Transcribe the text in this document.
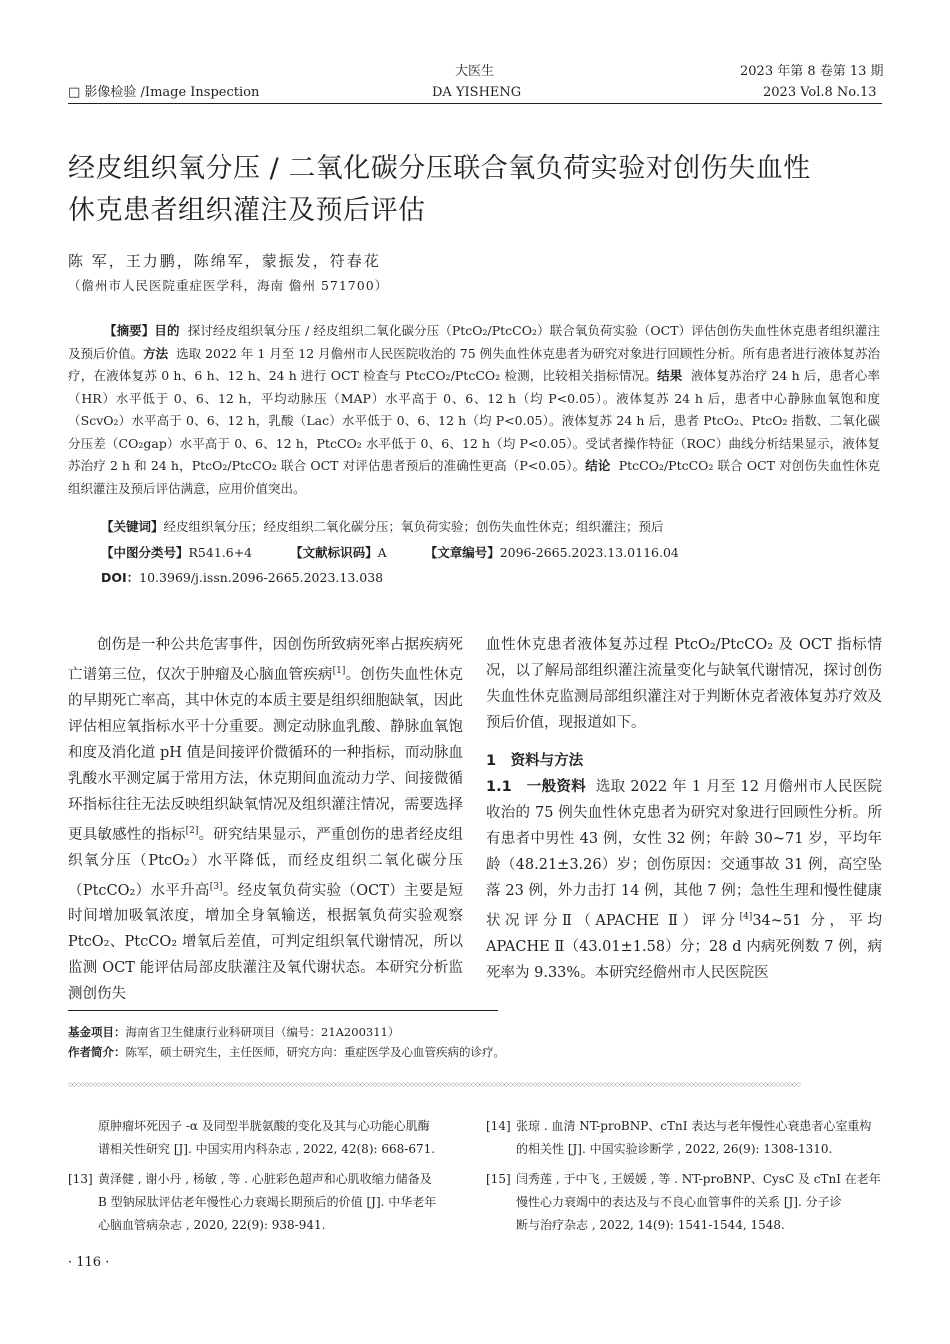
□ 影像检验 /Image Inspection
大医生
DA YISHENG
2023 年第 8 卷第 13 期
2023 Vol.8 No.13
经皮组织氧分压 / 二氧化碳分压联合氧负荷实验对创伤失血性
休克患者组织灌注及预后评估
陈 军，王力鹏，陈绵军，蒙振发，符春花
（儋州市人民医院重症医学科，海南 儋州 571700）
【摘要】目的 探讨经皮组织氧分压 / 经皮组织二氧化碳分压（PtcO₂/PtcCO₂）联合氧负荷实验（OCT）评估创伤失血性休克患者组织灌注及预后价值。方法 选取 2022 年 1 月至 12 月儋州市人民医院收治的 75 例失血性休克患者为研究对象进行回顾性分析。所有患者进行液体复苏治疗，在液体复苏 0 h、6 h、12 h、24 h 进行 OCT 检查与 PtcCO₂/PtcCO₂ 检测，比较相关指标情况。结果 液体复苏治疗 24 h 后，患者心率（HR）水平低于 0、6、12 h，平均动脉压（MAP）水平高于 0、6、12 h（均 P<0.05）。液体复苏 24 h 后，患者中心静脉血氧饱和度（ScvO₂）水平高于 0、6、12 h，乳酸（Lac）水平低于 0、6、12 h（均 P<0.05）。液体复苏 24 h 后，患者 PtcO₂、PtcO₂ 指数、二氧化碳分压差（CO₂gap）水平高于 0、6、12 h，PtcCO₂ 水平低于 0、6、12 h（均 P<0.05）。受试者操作特征（ROC）曲线分析结果显示，液体复苏治疗 2 h 和 24 h，PtcO₂/PtcCO₂ 联合 OCT 对评估患者预后的准确性更高（P<0.05）。结论 PtcCO₂/PtcCO₂ 联合 OCT 对创伤失血性休克组织灌注及预后评估满意，应用价值突出。
【关键词】经皮组织氧分压；经皮组织二氧化碳分压；氧负荷实验；创伤失血性休克；组织灌注；预后
【中图分类号】R541.6+4	【文献标识码】A	【文章编号】2096-2665.2023.13.0116.04
DOI：10.3969/j.issn.2096-2665.2023.13.038

创伤是一种公共危害事件，因创伤所致病死率占据疾病死亡谱第三位，仅次于肿瘤及心脑血管疾病[1]。创伤失血性休克的早期死亡率高，其中休克的本质主要是组织细胞缺氧，因此评估相应氧指标水平十分重要。测定动脉血乳酸、静脉血氧饱和度及消化道 pH 值是间接评价微循环的一种指标，而动脉血乳酸水平测定属于常用方法，休克期间血流动力学、间接微循环指标往往无法反映组织缺氧情况及组织灌注情况，需要选择更具敏感性的指标[2]。研究结果显示，严重创伤的患者经皮组织氧分压（PtcO₂）水平降低，而经皮组织二氧化碳分压（PtcCO₂）水平升高[3]。经皮氧负荷实验（OCT）主要是短时间增加吸氧浓度，增加全身氧输送，根据氧负荷实验观察 PtcO₂、PtcCO₂ 增氧后差值，可判定组织氧代谢情况，所以监测 OCT 能评估局部皮肤灌注及氧代谢状态。本研究分析监测创伤失

血性休克患者液体复苏过程 PtcO₂/PtcCO₂ 及 OCT 指标情况，以了解局部组织灌注流量变化与缺氧代谢情况，探讨创伤失血性休克监测局部组织灌注对于判断休克者液体复苏疗效及预后价值，现报道如下。

1　资料与方法

1.1　一般资料 选取 2022 年 1 月至 12 月儋州市人民医院收治的 75 例失血性休克患者为研究对象进行回顾性分析。所有患者中男性 43 例，女性 32 例；年龄 30~71 岁，平均年龄（48.21±3.26）岁；创伤原因：交通事故 31 例，高空坠落 23 例，外力击打 14 例，其他 7 例；急性生理和慢性健康状况评分Ⅱ（APACHE Ⅱ）评分[4]34~51 分，平均 APACHE Ⅱ（43.01±1.58）分；28 d 内病死例数 7 例，病死率为 9.33%。本研究经儋州市人民医院医

基金项目：海南省卫生健康行业科研项目（编号：21A200311）
作者简介：陈军，硕士研究生，主任医师，研究方向：重症医学及心血管疾病的诊疗。
◇◇◇◇◇◇◇◇◇◇◇◇◇◇◇◇◇◇◇◇◇◇◇◇◇◇◇◇◇◇◇◇◇◇◇◇◇◇◇◇◇◇◇◇◇◇◇◇◇◇◇◇◇◇◇◇◇◇◇◇◇◇◇◇◇◇◇◇◇◇◇◇◇◇◇◇◇◇◇◇◇◇◇◇◇◇◇◇◇◇◇◇◇◇◇◇◇◇◇◇◇◇◇◇◇◇◇◇◇◇◇◇◇◇◇◇◇◇◇◇◇◇◇◇◇◇◇◇◇◇◇◇◇◇◇◇◇◇◇◇◇◇◇◇◇◇◇◇◇◇◇◇◇◇◇◇◇◇◇◇◇◇◇◇◇◇◇◇◇◇◇◇◇◇◇◇◇◇
原肿瘤坏死因子 -α 及同型半胱氨酸的变化及其与心功能心肌酶
谱相关性研究 [J]. 中国实用内科杂志 , 2022, 42(8): 668-671.
[13] 黄泽健 , 谢小丹 , 杨敏 , 等 . 心脏彩色超声和心肌收缩力储备及
B 型钠尿肽评估老年慢性心力衰竭长期预后的价值 [J]. 中华老年
心脑血管病杂志 , 2020, 22(9): 938-941.
[14] 张琼 . 血清 NT-proBNP、cTnI 表达与老年慢性心衰患者心室重构
的相关性 [J]. 中国实验诊断学 , 2022, 26(9): 1308-1310.
[15] 闫秀莲 , 于中飞 , 王媛媛 , 等 . NT-proBNP、CysC 及 cTnI 在老年
慢性心力衰竭中的表达及与不良心血管事件的关系 [J]. 分子诊
断与治疗杂志 , 2022, 14(9): 1541-1544, 1548.
· 116 ·
